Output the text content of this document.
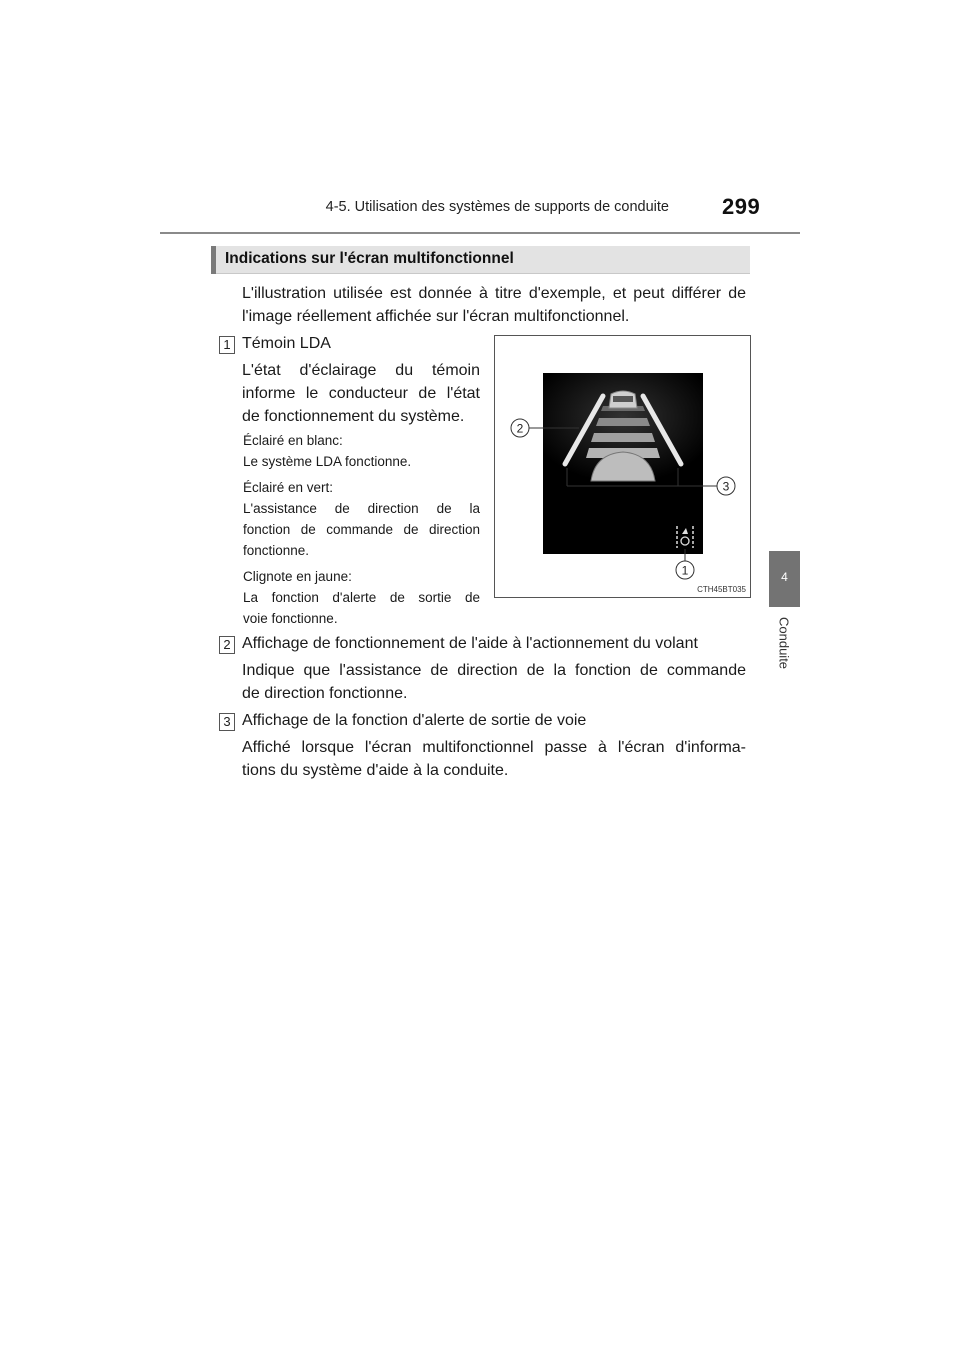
4-5. Utilisation des systèmes de supports de conduite 299
4
Conduite
Indications sur l'écran multifonctionnel
L'illustration utilisée est donnée à titre d'exemple, et peut différer de
l'image réellement affichée sur l'écran multifonctionnel.
1 Témoin LDA
L'état d'éclairage du témoin
informe le conducteur de l'état
de fonctionnement du système.
Éclairé en blanc:
Le système LDA fonctionne.
Éclairé en vert:
L'assistance de direction de la
fonction de commande de direction
fonctionne.
Clignote en jaune:
La fonction d'alerte de sortie de
voie fonctionne.
2
3
1
CTH45BT035
2 Affichage de fonctionnement de l'aide à l'actionnement du volant
Indique que l'assistance de direction de la fonction de commande
de direction fonctionne.
3 Affichage de la fonction d'alerte de sortie de voie
Affiché lorsque l'écran multifonctionnel passe à l'écran d'informa-
tions du système d'aide à la conduite.
